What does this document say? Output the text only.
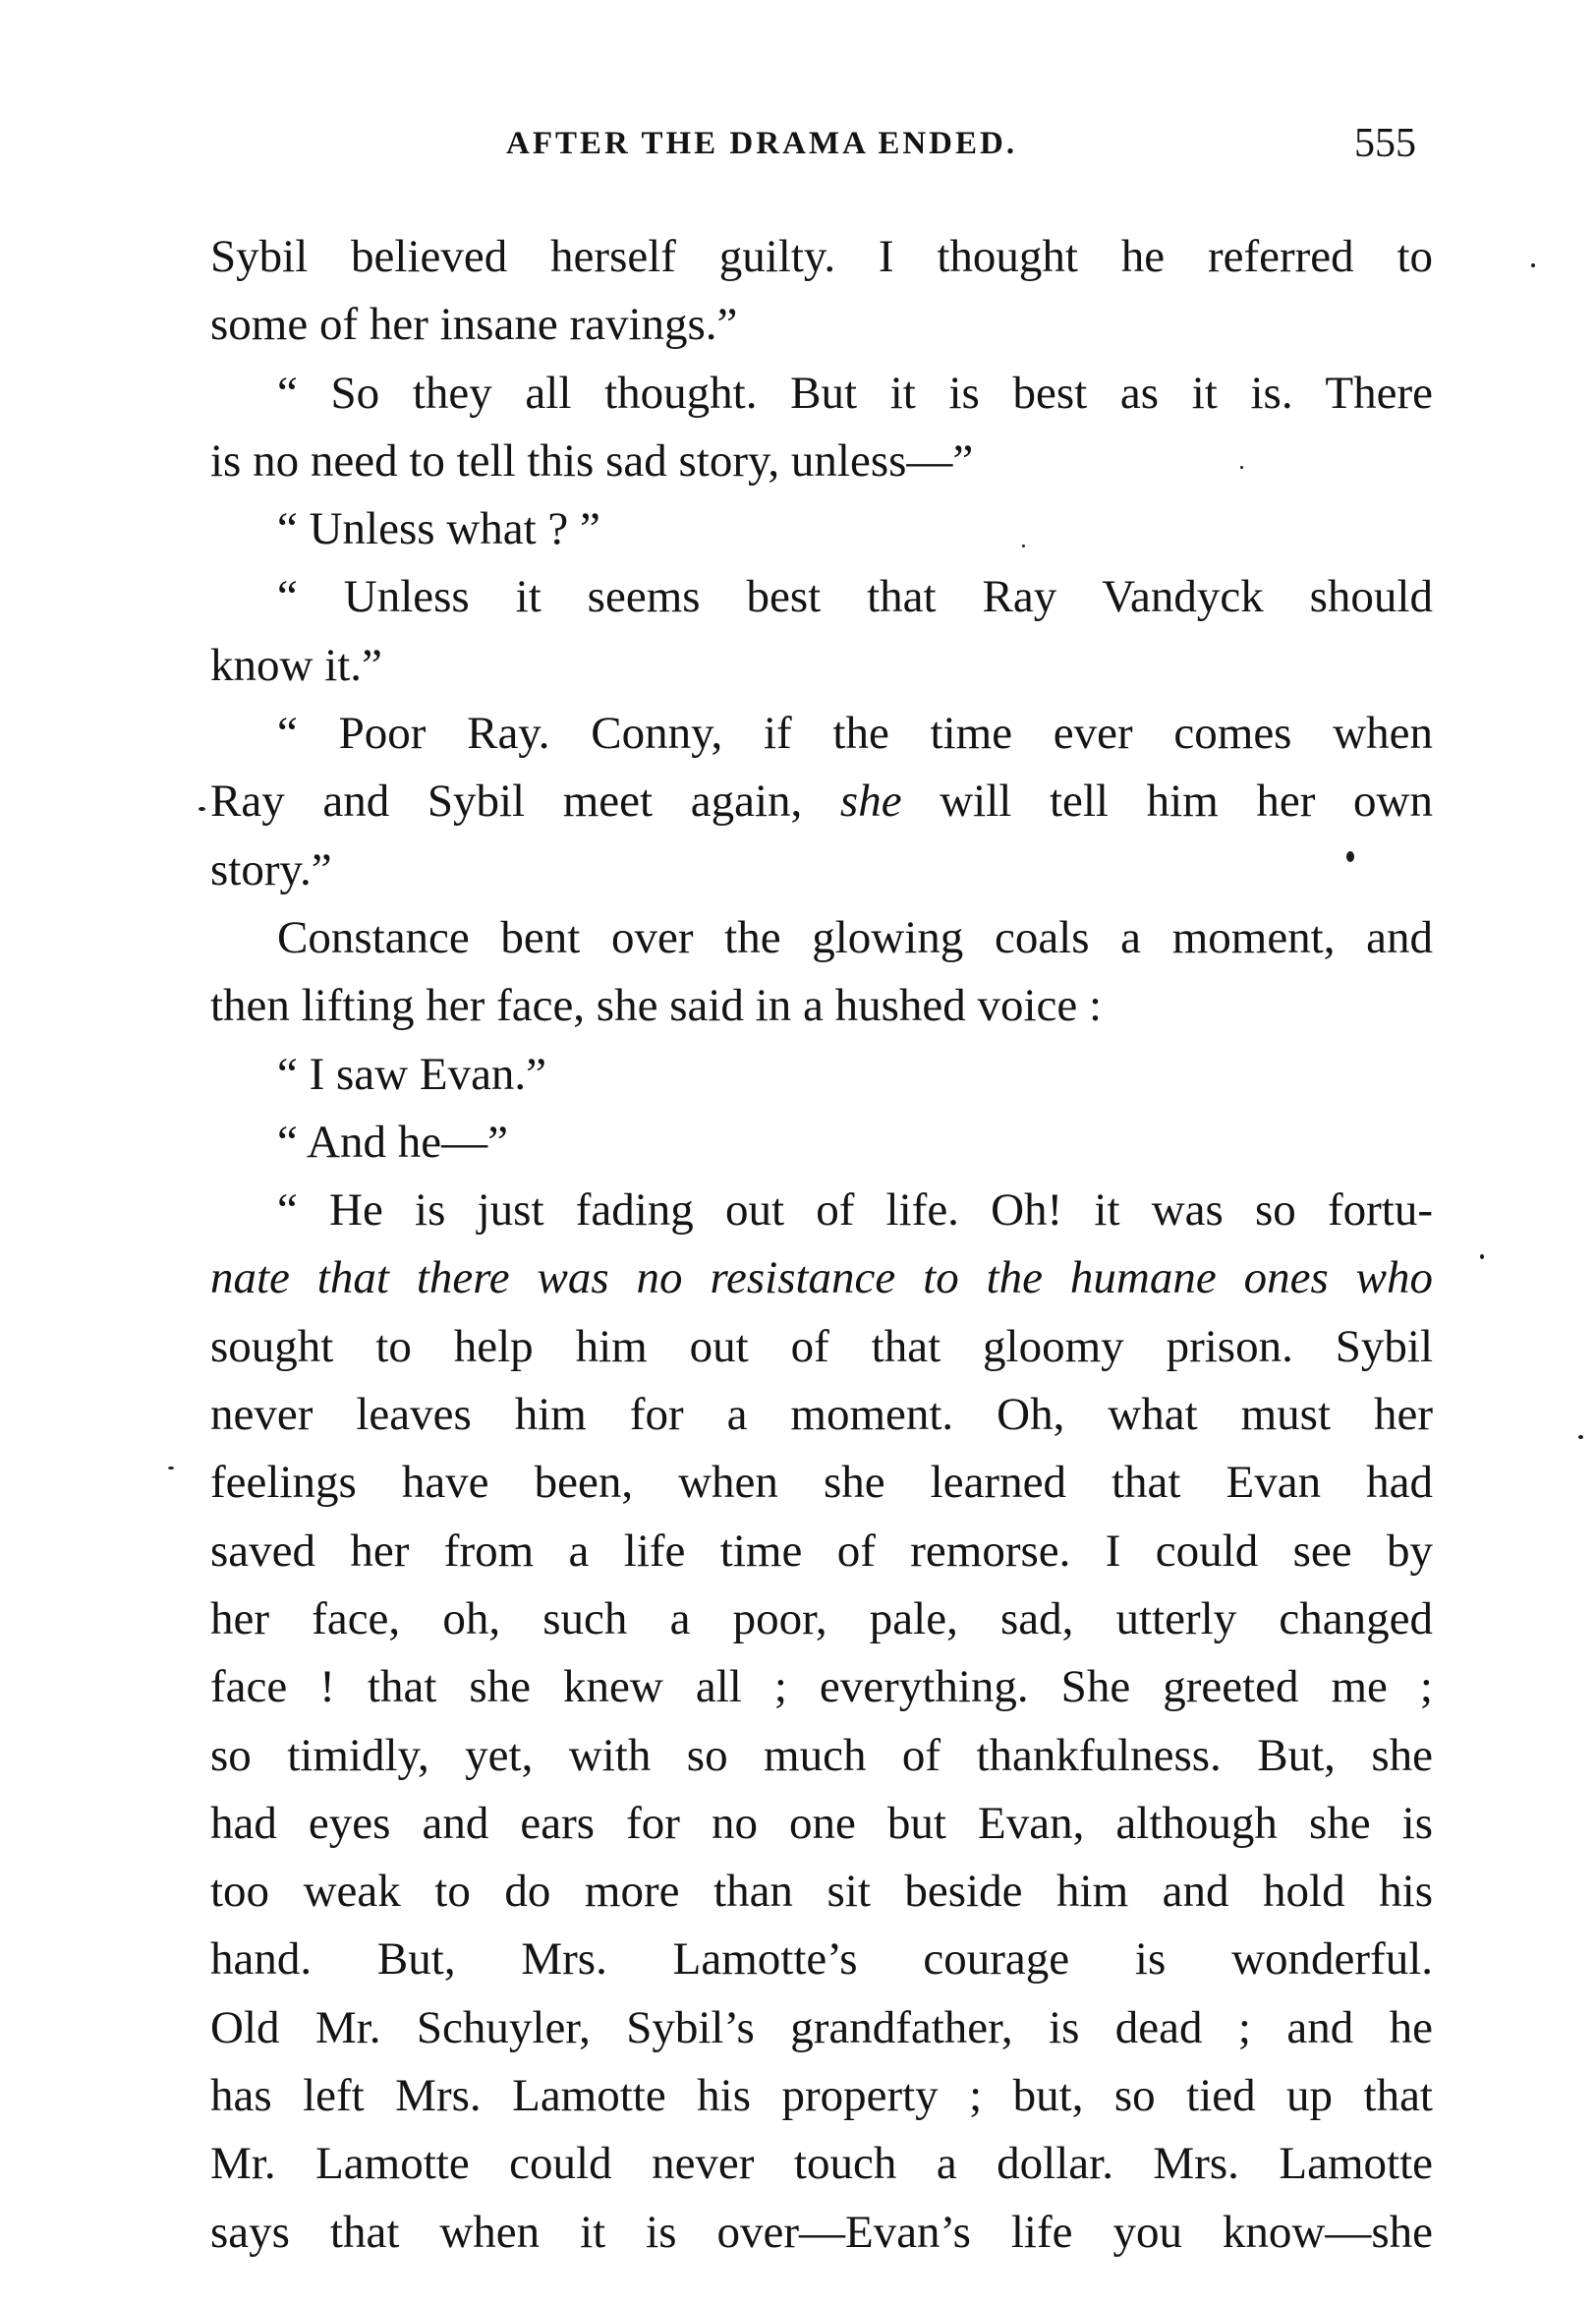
AFTER THE DRAMA ENDED.	555
Sybil believed herself guilty. I thought he referred to
some of her insane ravings.”
“ So they all thought. But it is best as it is. There
is no need to tell this sad story, unless—”
“ Unless what ? ”
“ Unless it seems best that Ray Vandyck should
know it.”
“ Poor Ray. Conny, if the time ever comes when
Ray and Sybil meet again, she will tell him her own
story.”
Constance bent over the glowing coals a moment, and
then lifting her face, she said in a hushed voice :
“ I saw Evan.”
“ And he—”
“ He is just fading out of life. Oh! it was so fortu-
nate that there was no resistance to the humane ones who
sought to help him out of that gloomy prison. Sybil
never leaves him for a moment. Oh, what must her
feelings have been, when she learned that Evan had
saved her from a life time of remorse. I could see by
her face, oh, such a poor, pale, sad, utterly changed
face ! that she knew all ; everything. She greeted me ;
so timidly, yet, with so much of thankfulness. But, she
had eyes and ears for no one but Evan, although she is
too weak to do more than sit beside him and hold his
hand. But, Mrs. Lamotte’s courage is wonderful.
Old Mr. Schuyler, Sybil’s grandfather, is dead ; and he
has left Mrs. Lamotte his property ; but, so tied up that
Mr. Lamotte could never touch a dollar. Mrs. Lamotte
says that when it is over—Evan’s life you know—she
